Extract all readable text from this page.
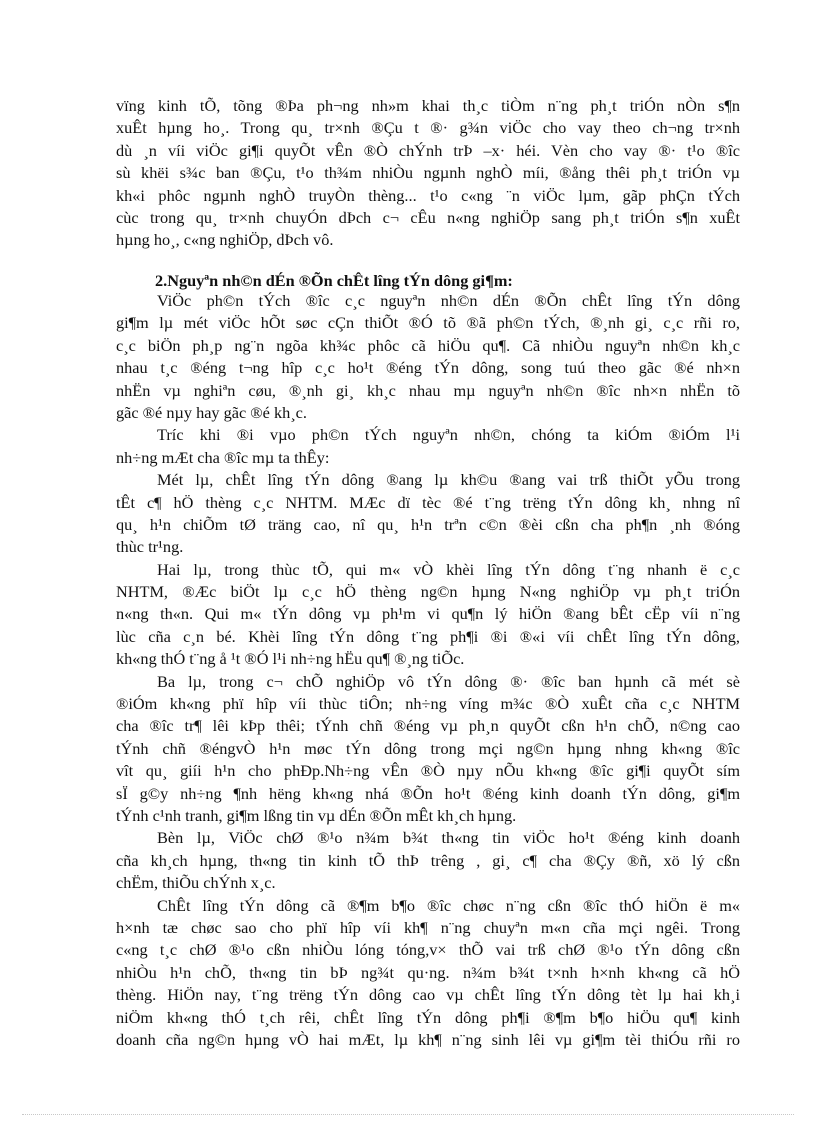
vïng kinh tÕ, tõng ®Þa ph¬ng nh»m khai th¸c tiÒm n¨ng ph¸t triÓn nÒn s¶n
xuÊt hµng ho¸. Trong qu¸ tr×nh ®Çu t ®· g¾n viÖc cho vay theo ch¬ng tr×nh
dù ¸n víi viÖc gi¶i quyÕt vÊn ®Ò chÝnh trÞ –x· héi. Vèn cho vay ®· t¹o ®îc
sù khëi s¾c ban ®Çu, t¹o th¾m nhiÒu ngµnh nghÒ míi, ®ång thêi ph¸t triÓn vµ
kh«i phôc ngµnh nghÒ truyÒn thèng... t¹o c«ng ¨n viÖc lµm, gãp phÇn tÝch
cùc trong qu¸ tr×nh chuyÓn dÞch c¬ cÊu n«ng nghiÖp sang ph¸t triÓn s¶n xuÊt
hµng ho¸, c«ng nghiÖp, dÞch vô.
2.Nguyªn nh©n dÉn ®Õn chÊt lîng tÝn dông gi¶m:
ViÖc ph©n tÝch ®îc c¸c nguyªn nh©n dÉn ®Õn chÊt lîng tÝn dông
gi¶m lµ mét viÖc hÕt søc cÇn thiÕt ®Ó tõ ®ã ph©n tÝch, ®¸nh gi¸ c¸c rñi ro,
c¸c biÖn ph¸p ng¨n ngõa kh¾c phôc cã hiÖu qu¶. Cã nhiÒu nguyªn nh©n kh¸c
nhau t¸c ®éng t¬ng hîp c¸c ho¹t ®éng tÝn dông, song tuú theo gãc ®é nh×n
nhËn vµ nghiªn cøu, ®¸nh gi¸ kh¸c nhau mµ nguyªn nh©n ®îc nh×n nhËn tõ
gãc ®é nµy hay gãc ®é kh¸c.
Tríc khi ®i vµo ph©n tÝch nguyªn nh©n, chóng ta kiÓm ®iÓm l¹i
nh÷ng mÆt cha ®îc mµ ta thÊy:
Mét lµ, chÊt lîng tÝn dông ®ang lµ kh©u ®ang vai trß thiÕt yÕu trong
tÊt c¶ hÖ thèng c¸c NHTM. MÆc dï tèc ®é t¨ng trëng tÝn dông kh¸ nhng nî
qu¸ h¹n chiÕm tØ träng cao, nî qu¸ h¹n trªn c©n ®èi cßn cha ph¶n ¸nh ®óng
thùc tr¹ng.
Hai lµ, trong thùc tÕ, qui m« vÒ khèi lîng tÝn dông t¨ng nhanh ë c¸c
NHTM, ®Æc biÖt lµ c¸c hÖ thèng ng©n hµng N«ng nghiÖp vµ ph¸t triÓn
n«ng th«n. Qui m« tÝn dông vµ ph¹m vi qu¶n lý hiÖn ®ang bÊt cËp víi n¨ng
lùc cña c¸n bé. Khèi lîng tÝn dông t¨ng ph¶i ®i ®«i víi chÊt lîng tÝn dông,
kh«ng thÓ t¨ng å ¹t ®Ó l¹i nh÷ng hËu qu¶ ®¸ng tiÕc.
Ba lµ, trong c¬ chÕ nghiÖp vô tÝn dông ®· ®îc ban hµnh cã mét sè
®iÓm kh«ng phï hîp víi thùc tiÔn; nh÷ng víng m¾c ®Ò xuÊt cña c¸c NHTM
cha ®îc tr¶ lêi kÞp thêi; tÝnh chñ ®éng vµ ph¸n quyÕt cßn h¹n chÕ, n©ng cao
tÝnh chñ ®éngvÒ h¹n møc tÝn dông trong mçi ng©n hµng nhng kh«ng ®îc
vît qu¸ giíi h¹n cho phÐp.Nh÷ng vÊn ®Ò nµy nÕu kh«ng ®îc gi¶i quyÕt sím
sÏ g©y nh÷ng ¶nh hëng kh«ng nhá ®Õn ho¹t ®éng kinh doanh tÝn dông, gi¶m
tÝnh c¹nh tranh, gi¶m lßng tin vµ dÉn ®Õn mÊt kh¸ch hµng.
Bèn lµ, ViÖc chØ ®¹o n¾m b¾t th«ng tin viÖc ho¹t ®éng kinh doanh
cña kh¸ch hµng, th«ng tin kinh tÕ thÞ trêng , gi¸ c¶ cha ®Çy ®ñ, xö lý cßn
chËm, thiÕu chÝnh x¸c.
ChÊt lîng tÝn dông cã ®¶m b¶o ®îc chøc n¨ng cßn ®îc thÓ hiÖn ë m«
h×nh tæ chøc sao cho phï hîp víi kh¶ n¨ng chuyªn m«n cña mçi ngêi. Trong
c«ng t¸c chØ ®¹o cßn nhiÒu lóng tóng,v× thÕ vai trß chØ ®¹o tÝn dông cßn
nhiÒu h¹n chÕ, th«ng tin bÞ ng¾t qu·ng. n¾m b¾t t×nh h×nh kh«ng cã hÖ
thèng. HiÖn nay, t¨ng trëng tÝn dông cao vµ chÊt lîng tÝn dông tèt lµ hai kh¸i
niÖm kh«ng thÓ t¸ch rêi, chÊt lîng tÝn dông ph¶i ®¶m b¶o hiÖu qu¶ kinh
doanh cña ng©n hµng vÒ hai mÆt, lµ kh¶ n¨ng sinh lêi vµ gi¶m tèi thiÓu rñi ro
